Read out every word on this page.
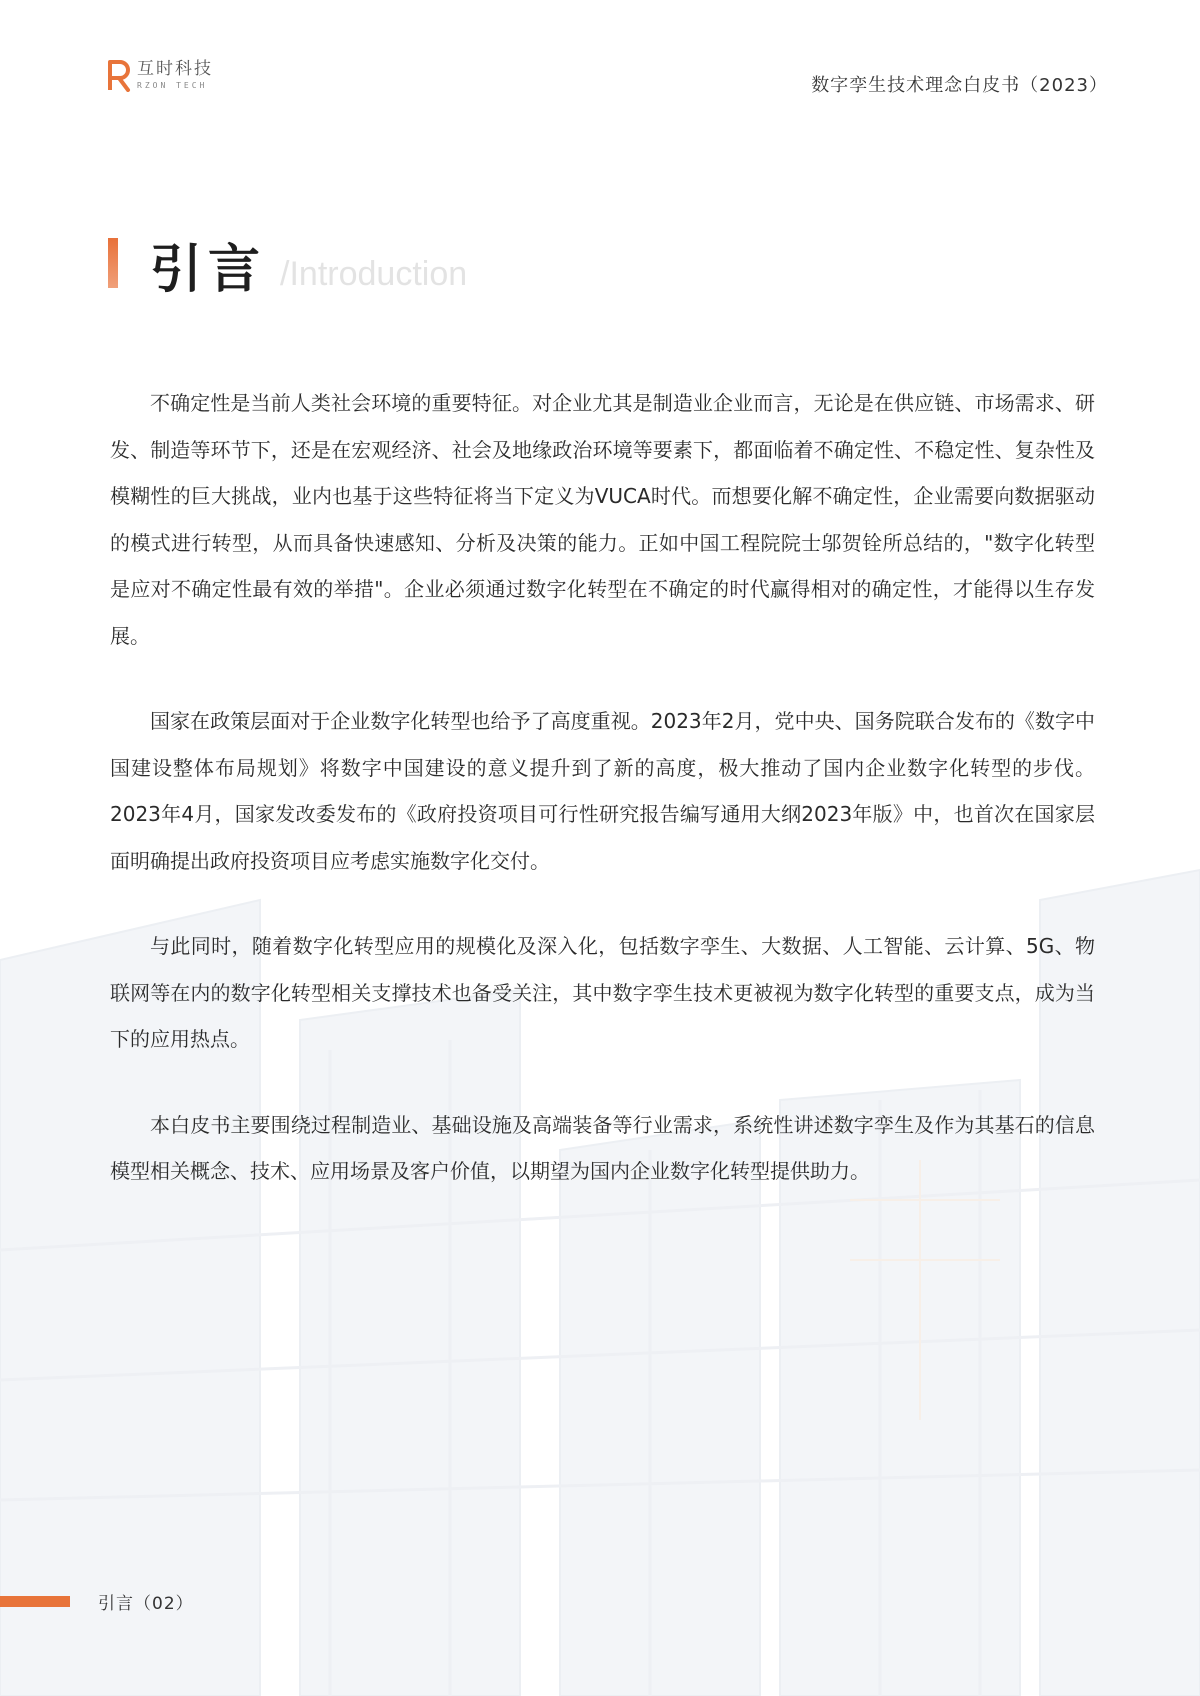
互时科技
RZON TECH	数字孪生技术理念白皮书（2023）
引言 /Introduction

不确定性是当前人类社会环境的重要特征。对企业尤其是制造业企业而言，无论是在供应链、市场需求、研发、制造等环节下，还是在宏观经济、社会及地缘政治环境等要素下，都面临着不确定性、不稳定性、复杂性及模糊性的巨大挑战，业内也基于这些特征将当下定义为VUCA时代。而想要化解不确定性，企业需要向数据驱动的模式进行转型，从而具备快速感知、分析及决策的能力。正如中国工程院院士邬贺铨所总结的，"数字化转型是应对不确定性最有效的举措"。企业必须通过数字化转型在不确定的时代赢得相对的确定性，才能得以生存发展。

国家在政策层面对于企业数字化转型也给予了高度重视。2023年2月，党中央、国务院联合发布的《数字中国建设整体布局规划》将数字中国建设的意义提升到了新的高度，极大推动了国内企业数字化转型的步伐。2023年4月，国家发改委发布的《政府投资项目可行性研究报告编写通用大纲2023年版》中，也首次在国家层面明确提出政府投资项目应考虑实施数字化交付。

与此同时，随着数字化转型应用的规模化及深入化，包括数字孪生、大数据、人工智能、云计算、5G、物联网等在内的数字化转型相关支撑技术也备受关注，其中数字孪生技术更被视为数字化转型的重要支点，成为当下的应用热点。

本白皮书主要围绕过程制造业、基础设施及高端装备等行业需求，系统性讲述数字孪生及作为其基石的信息模型相关概念、技术、应用场景及客户价值，以期望为国内企业数字化转型提供助力。

引言（02）
